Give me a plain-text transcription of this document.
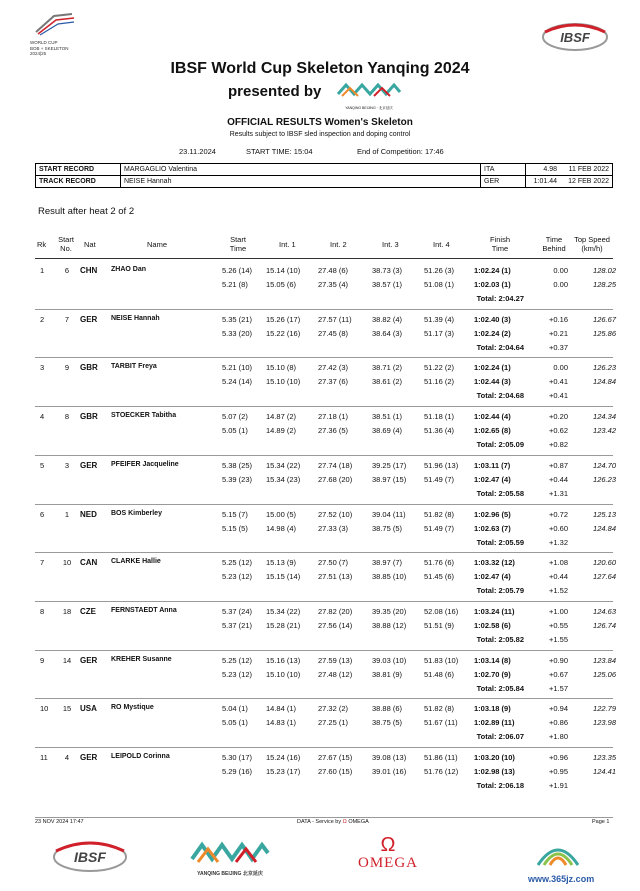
WORLD CUP
BOB + SKELETON
2024|25
IBSF
IBSF World Cup Skeleton Yanqing 2024
presented by
YANQING BEIJING · 北京延庆
OFFICIAL RESULTS Women's Skeleton
Results subject to IBSF sled inspection and doping control
23.11.2024	START TIME: 15:04	End of Competition: 17:46
START RECORD	MARGAGLIO Valentina	ITA	4.98	11 FEB 2022
TRACK RECORD	NEISE Hannah	GER	1:01.44	12 FEB 2022
Result after heat 2 of 2
Rk
Start
No.	Nat	Name
Start
Time	Int. 1	Int. 2	Int. 3	Int. 4
Finish
Time
Time
Behind
Top Speed
(km/h)
1	6	CHN ZHAO Dan	5.26 (14)	15.14 (10)	27.48 (6)	38.73 (3)	51.26 (3)	1:02.24 (1)	0.00	128.02
5.21 (8)	15.05 (6)	27.35 (4)	38.57 (1)	51.08 (1)	1:02.03 (1)	0.00	128.25
Total: 2:04.27
2	7	GER NEISE Hannah	5.35 (21)	15.26 (17)	27.57 (11)	38.82 (4)	51.39 (4)	1:02.40 (3)	+0.16	126.67
5.33 (20)	15.22 (16)	27.45 (8)	38.64 (3)	51.17 (3)	1:02.24 (2)	+0.21	125.86
Total: 2:04.64	+0.37
3	9	GBR TARBIT Freya	5.21 (10)	15.10 (8)	27.42 (3)	38.71 (2)	51.22 (2)	1:02.24 (1)	0.00	126.23
5.24 (14)	15.10 (10)	27.37 (6)	38.61 (2)	51.16 (2)	1:02.44 (3)	+0.41	124.84
Total: 2:04.68	+0.41
4	8	GBR STOECKER Tabitha	5.07 (2)	14.87 (2)	27.18 (1)	38.51 (1)	51.18 (1)	1:02.44 (4)	+0.20	124.34
5.05 (1)	14.89 (2)	27.36 (5)	38.69 (4)	51.36 (4)	1:02.65 (8)	+0.62	123.42
Total: 2:05.09	+0.82
5	3	GER PFEIFER Jacqueline	5.38 (25)	15.34 (22)	27.74 (18)	39.25 (17)	51.96 (13)	1:03.11 (7)	+0.87	124.70
5.39 (23)	15.34 (23)	27.68 (20)	38.97 (15)	51.49 (7)	1:02.47 (4)	+0.44	126.23
Total: 2:05.58	+1.31
6	1	NED BOS Kimberley	5.15 (7)	15.00 (5)	27.52 (10)	39.04 (11)	51.82 (8)	1:02.96 (5)	+0.72	125.13
5.15 (5)	14.98 (4)	27.33 (3)	38.75 (5)	51.49 (7)	1:02.63 (7)	+0.60	124.84
Total: 2:05.59	+1.32
7	10	CAN CLARKE Hallie	5.25 (12)	15.13 (9)	27.50 (7)	38.97 (7)	51.76 (6)	1:03.32 (12)	+1.08	120.60
5.23 (12)	15.15 (14)	27.51 (13)	38.85 (10)	51.45 (6)	1:02.47 (4)	+0.44	127.64
Total: 2:05.79	+1.52
8	18	CZE FERNSTAEDT Anna	5.37 (24)	15.34 (22)	27.82 (20)	39.35 (20)	52.08 (16)	1:03.24 (11)	+1.00	124.63
5.37 (21)	15.28 (21)	27.56 (14)	38.88 (12)	51.51 (9)	1:02.58 (6)	+0.55	126.74
Total: 2:05.82	+1.55
9	14	GER KREHER Susanne	5.25 (12)	15.16 (13)	27.59 (13)	39.03 (10)	51.83 (10)	1:03.14 (8)	+0.90	123.84
5.23 (12)	15.10 (10)	27.48 (12)	38.81 (9)	51.48 (6)	1:02.70 (9)	+0.67	125.06
Total: 2:05.84	+1.57
10	15	USA RO Mystique	5.04 (1)	14.84 (1)	27.32 (2)	38.88 (6)	51.82 (8)	1:03.18 (9)	+0.94	122.79
5.05 (1)	14.83 (1)	27.25 (1)	38.75 (5)	51.67 (11)	1:02.89 (11)	+0.86	123.98
Total: 2:06.07	+1.80
11	4	GER LEIPOLD Corinna	5.30 (17)	15.24 (16)	27.67 (15)	39.08 (13)	51.86 (11)	1:03.20 (10)	+0.96	123.35
5.29 (16)	15.23 (17)	27.60 (15)	39.01 (16)	51.76 (12)	1:02.98 (13)	+0.95	124.41
Total: 2:06.18	+1.91
23 NOV 2024 17:47	DATA - Service by Ω OMEGA	Page 1
IBSF
YANQING BEIJING 北京延庆
Ω
OMEGA
www.365jz.com
